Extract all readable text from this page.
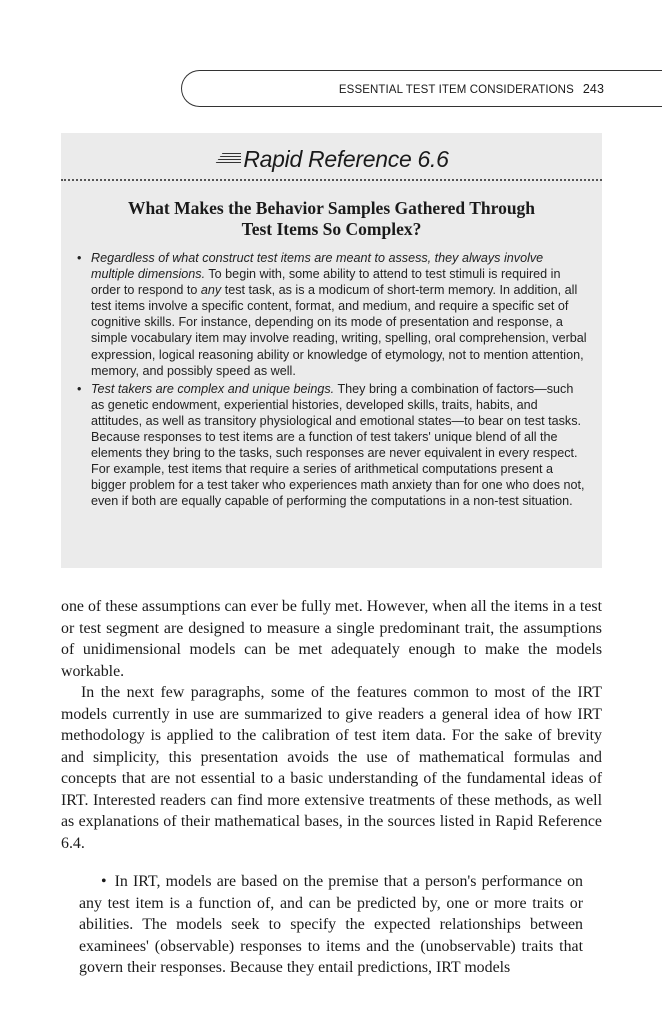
ESSENTIAL TEST ITEM CONSIDERATIONS 243
Rapid Reference 6.6
What Makes the Behavior Samples Gathered Through
Test Items So Complex?
• Regardless of what construct test items are meant to assess, they always involve multiple dimensions. To begin with, some ability to attend to test stimuli is required in order to respond to any test task, as is a modicum of short-term memory. In addition, all test items involve a specific content, format, and medium, and require a specific set of cognitive skills. For instance, depending on its mode of presentation and response, a simple vocabulary item may involve reading, writing, spelling, oral comprehension, verbal expression, logical reasoning ability or knowledge of etymology, not to mention attention, memory, and possibly speed as well.
• Test takers are complex and unique beings. They bring a combination of factors—such as genetic endowment, experiential histories, developed skills, traits, habits, and attitudes, as well as transitory physiological and emotional states—to bear on test tasks. Because responses to test items are a function of test takers' unique blend of all the elements they bring to the tasks, such responses are never equivalent in every respect. For example, test items that require a series of arithmetical computations present a bigger problem for a test taker who experiences math anxiety than for one who does not, even if both are equally capable of performing the computations in a non-test situation.

one of these assumptions can ever be fully met. However, when all the items in a test or test segment are designed to measure a single predominant trait, the assumptions of unidimensional models can be met adequately enough to make the models workable.

In the next few paragraphs, some of the features common to most of the IRT models currently in use are summarized to give readers a general idea of how IRT methodology is applied to the calibration of test item data. For the sake of brevity and simplicity, this presentation avoids the use of mathematical formulas and concepts that are not essential to a basic understanding of the fundamental ideas of IRT. Interested readers can find more extensive treatments of these methods, as well as explanations of their mathematical bases, in the sources listed in Rapid Reference 6.4.

• In IRT, models are based on the premise that a person's performance on any test item is a function of, and can be predicted by, one or more traits or abilities. The models seek to specify the expected relationships between examinees' (observable) responses to items and the (unobservable) traits that govern their responses. Because they entail predictions, IRT models
